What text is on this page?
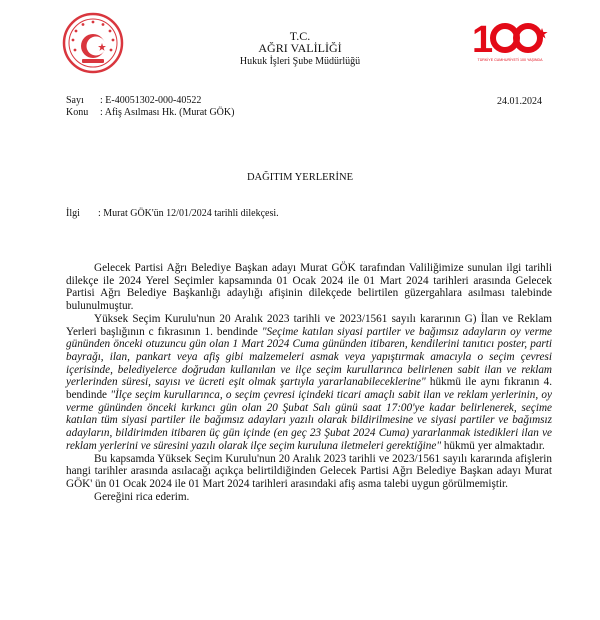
T.C.
AĞRI VALİLİĞİ
Hukuk İşleri Şube Müdürlüğü
1
TÜRKİYE CUMHURİYETİ 100 YAŞINDA
Sayı : E-40051302-000-40522
Konu : Afiş Asılması Hk. (Murat GÖK)
24.01.2024
DAĞITIM YERLERİNE
İlgi : Murat GÖK'ün 12/01/2024 tarihli dilekçesi.

Gelecek Partisi Ağrı Belediye Başkan adayı Murat GÖK tarafından Valiliğimize sunulan ilgi tarihli dilekçe ile 2024 Yerel Seçimler kapsamında 01 Ocak 2024 ile 01 Mart 2024 tarihleri arasında Gelecek Partisi Ağrı Belediye Başkanlığı adaylığı afişinin dilekçede belirtilen güzergahlara asılması talebinde bulunulmuştur.

Yüksek Seçim Kurulu'nun 20 Aralık 2023 tarihli ve 2023/1561 sayılı kararının G) İlan ve Reklam Yerleri başlığının c fıkrasının 1. bendinde "Seçime katılan siyasi partiler ve bağımsız adayların oy verme gününden önceki otuzuncu gün olan 1 Mart 2024 Cuma gününden itibaren, kendilerini tanıtıcı poster, parti bayrağı, ilan, pankart veya afiş gibi malzemeleri asmak veya yapıştırmak amacıyla o seçim çevresi içerisinde, belediyelerce doğrudan kullanılan ve ilçe seçim kurullarınca belirlenen sabit ilan ve reklam yerlerinden süresi, sayısı ve ücreti eşit olmak şartıyla yararlanabileceklerine" hükmü ile aynı fıkranın 4. bendinde "İlçe seçim kurullarınca, o seçim çevresi içindeki ticari amaçlı sabit ilan ve reklam yerlerinin, oy verme gününden önceki kırkıncı gün olan 20 Şubat Salı günü saat 17:00'ye kadar belirlenerek, seçime katılan tüm siyasi partiler ile bağımsız adayları yazılı olarak bildirilmesine ve siyasi partiler ve bağımsız adayların, bildirimden itibaren üç gün içinde (en geç 23 Şubat 2024 Cuma) yararlanmak istedikleri ilan ve reklam yerlerini ve süresini yazılı olarak ilçe seçim kuruluna iletmeleri gerektiğine" hükmü yer almaktadır.

Bu kapsamda Yüksek Seçim Kurulu'nun 20 Aralık 2023 tarihli ve 2023/1561 sayılı kararında afişlerin hangi tarihler arasında asılacağı açıkça belirtildiğinden Gelecek Partisi Ağrı Belediye Başkan adayı Murat GÖK' ün 01 Ocak 2024 ile 01 Mart 2024 tarihleri arasındaki afiş asma talebi uygun görülmemiştir.

Gereğini rica ederim.
